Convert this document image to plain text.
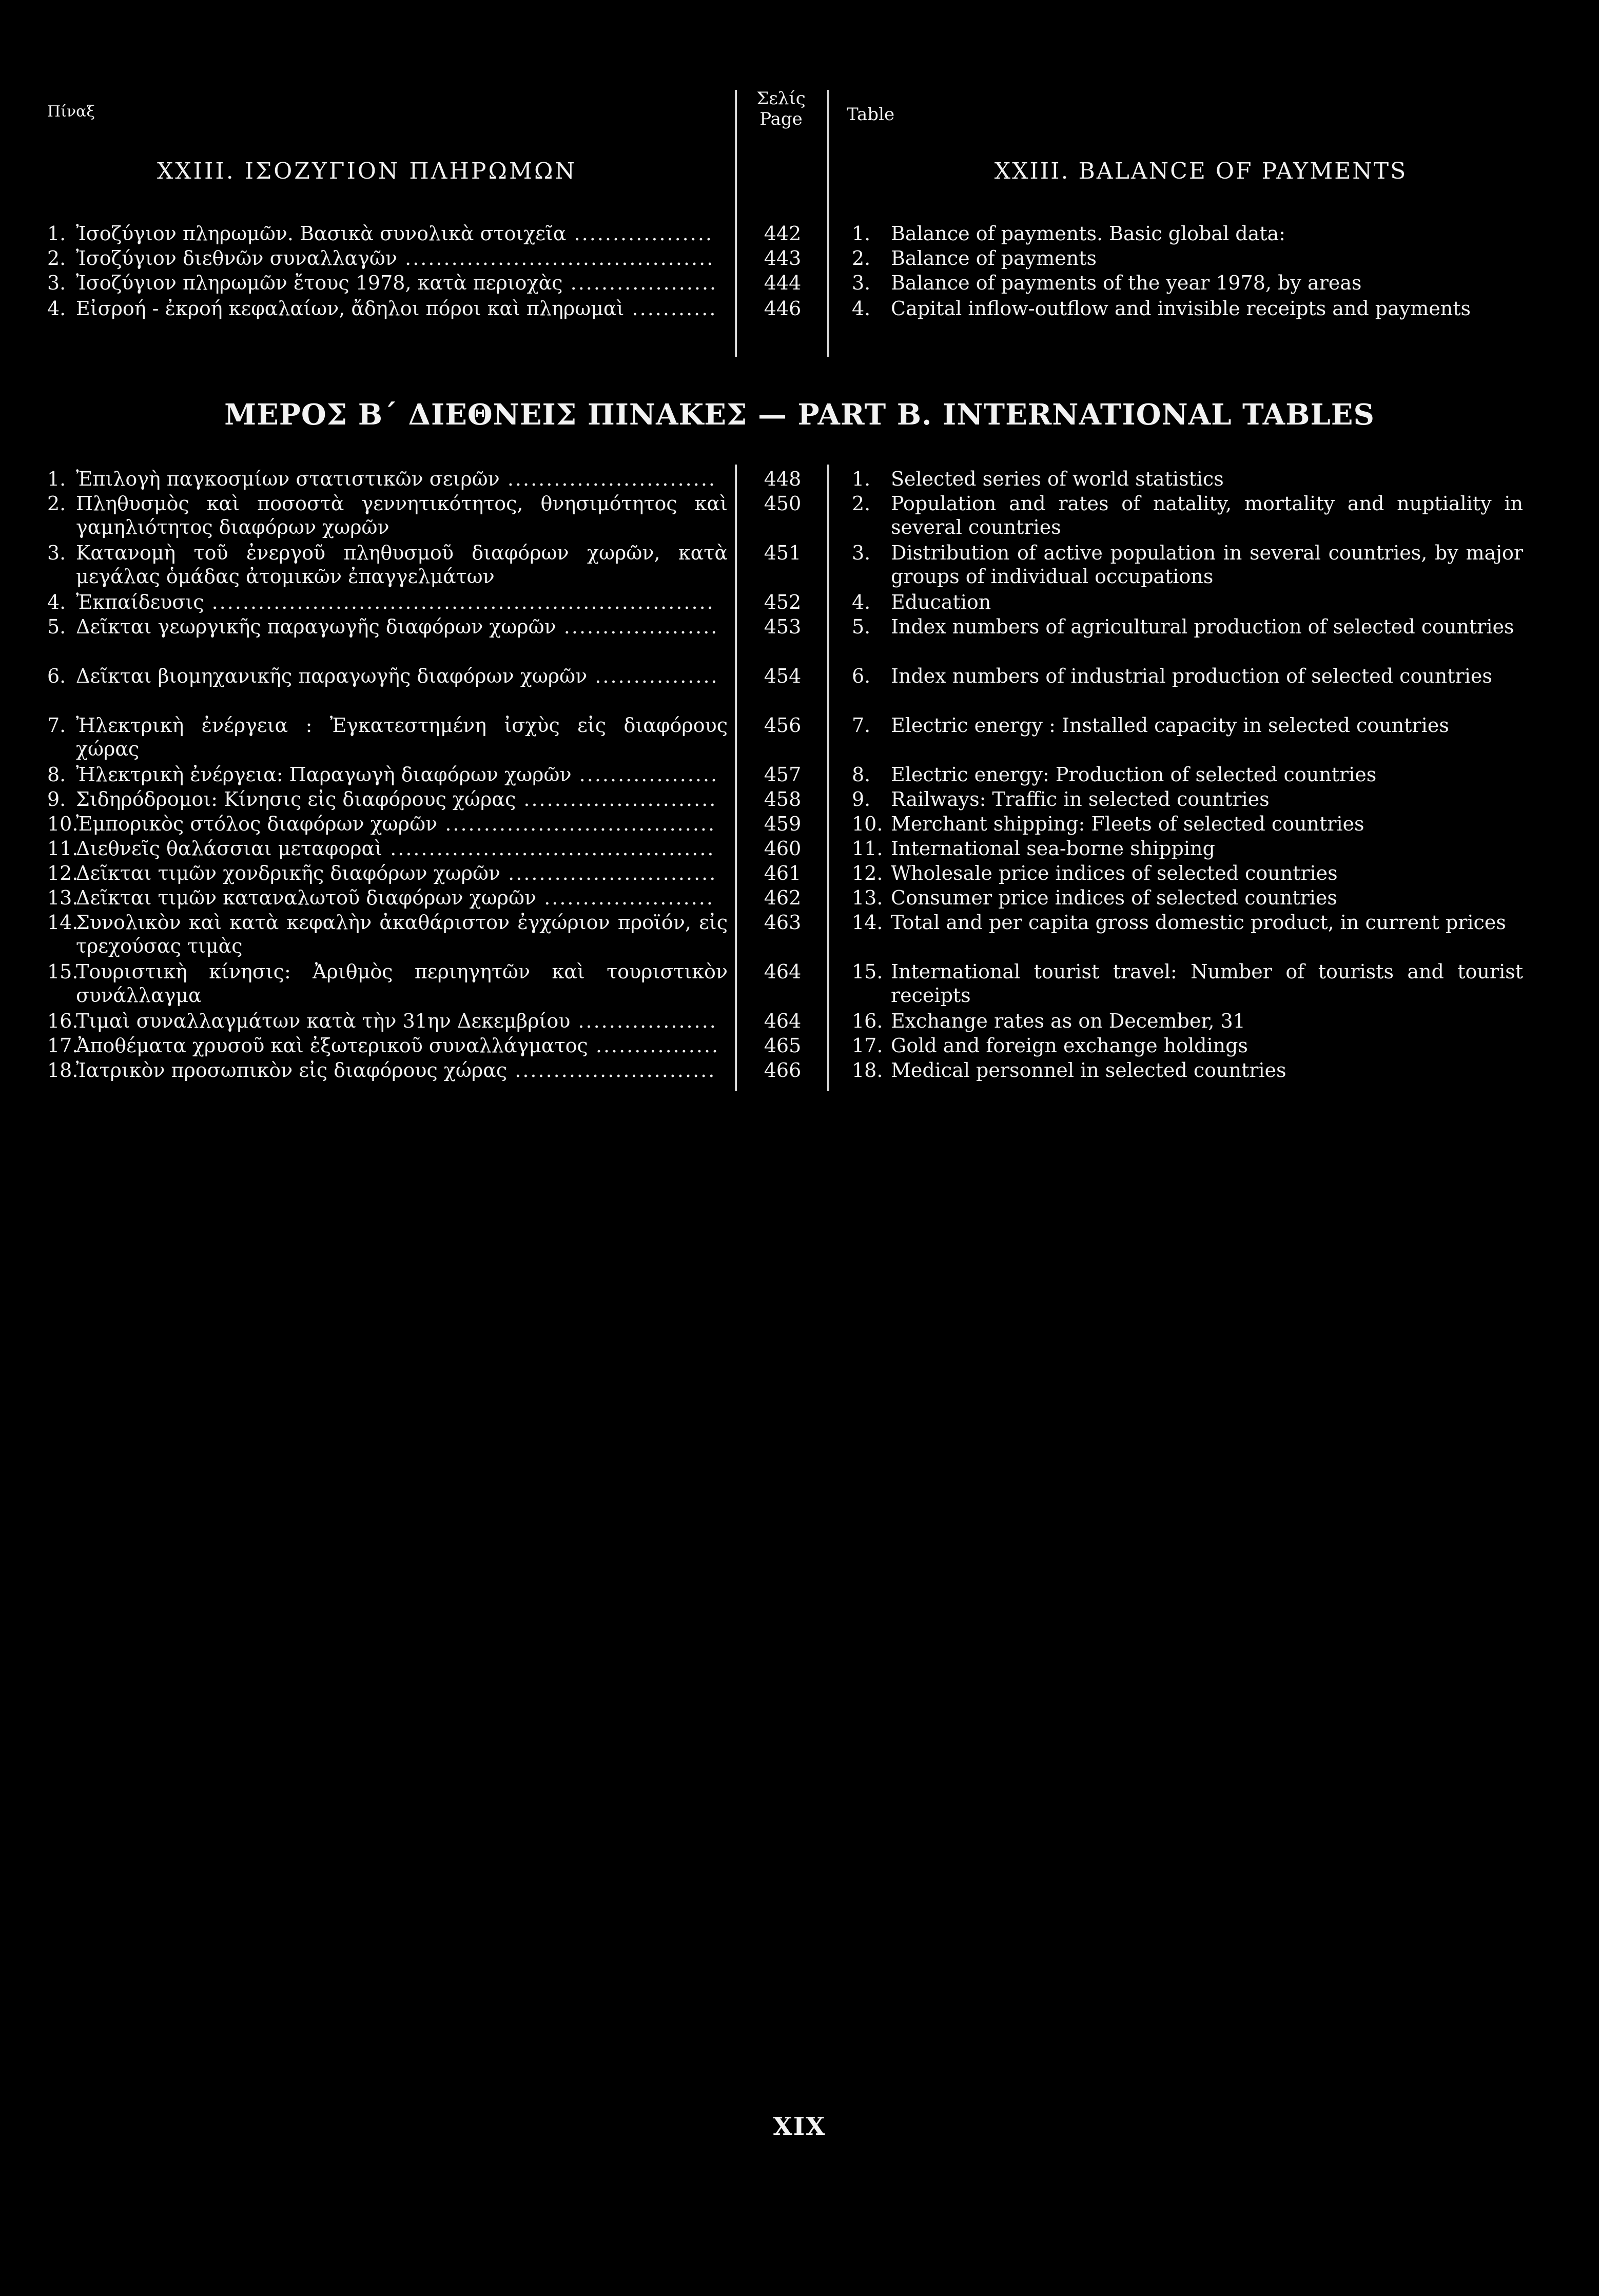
Πίναξ
Σελίς
Page	Table
XXIII. ΙΣΟΖΥΓΙΟΝ ΠΛΗΡΩΜΩΝ	XXIII. BALANCE OF PAYMENTS
1. Ἰσοζύγιον πληρωμῶν. Βασικὰ συνολικὰ στοιχεῖα ..................	442	1.	Balance of payments. Basic global data:
2. Ἰσοζύγιον διεθνῶν συναλλαγῶν ........................................	443	2.	Balance of payments
3. Ἰσοζύγιον πληρωμῶν ἔτους 1978, κατὰ περιοχὰς ...................	444	3.	Balance of payments of the year 1978, by areas
4. Εἰσροή - ἐκροή κεφαλαίων, ἄδηλοι πόροι καὶ πληρωμαὶ ...........	446	4.	Capital inflow-outflow and invisible receipts and payments
ΜΕΡΟΣ Β΄ ΔΙΕΘΝΕΙΣ ΠΙΝΑΚΕΣ — PART B. INTERNATIONAL TABLES
1. Ἐπιλογὴ παγκοσμίων στατιστικῶν σειρῶν ...........................	448	1.	Selected series of world statistics
2. Πληθυσμὸς καὶ ποσοστὰ γεννητικότητος, θνησιμότητος καὶ γαμηλιότητος διαφόρων χωρῶν
450	2.	Population and rates of natality, mortality and nuptiality in several countries
3. Κατανομὴ τοῦ ἐνεργοῦ πληθυσμοῦ διαφόρων χωρῶν, κατὰ μεγάλας ὁμάδας ἀτομικῶν ἐπαγγελμάτων
451	3.	Distribution of active population in several countries, by major groups of individual occupations
4. Ἐκπαίδευσις .................................................................	452	4.	Education
5. Δεῖκται γεωργικῆς παραγωγῆς διαφόρων χωρῶν ....................	453	5.	Index numbers of agricultural production of selected countries
6. Δεῖκται βιομηχανικῆς παραγωγῆς διαφόρων χωρῶν ................	454	6.	Index numbers of industrial production of selected countries
7. Ἠλεκτρικὴ ἐνέργεια : Ἐγκατεστημένη ἰσχὺς εἰς διαφόρους χώρας
456	7.	Electric energy : Installed capacity in selected countries
8. Ἠλεκτρικὴ ἐνέργεια: Παραγωγὴ διαφόρων χωρῶν ..................	457	8.	Electric energy: Production of selected countries
9. Σιδηρόδρομοι: Κίνησις εἰς διαφόρους χώρας .........................	458	9.	Railways: Traffic in selected countries
10.
Ἐμπορικὸς στόλος διαφόρων χωρῶν ...................................	459	10. Merchant shipping: Fleets of selected countries
11.
Διεθνεῖς θαλάσσιαι μεταφοραὶ ..........................................	460	11. International sea-borne shipping
12.
Δεῖκται τιμῶν χονδρικῆς διαφόρων χωρῶν ...........................	461	12. Wholesale price indices of selected countries
13.
Δεῖκται τιμῶν καταναλωτοῦ διαφόρων χωρῶν ......................	462	13. Consumer price indices of selected countries
14.
Συνολικὸν καὶ κατὰ κεφαλὴν ἀκαθάριστον ἐγχώριον προϊόν, εἰς τρεχούσας τιμὰς
463	14. Total and per capita gross domestic product, in current prices
15.
Τουριστικὴ κίνησις: Ἀριθμὸς περιηγητῶν καὶ τουριστικὸν συνάλλαγμα
464	15. International tourist travel: Number of tourists and tourist receipts
16.
Τιμαὶ συναλλαγμάτων κατὰ τὴν 31ην Δεκεμβρίου ..................	464	16. Exchange rates as on December, 31
17.
Ἀποθέματα χρυσοῦ καὶ ἐξωτερικοῦ συναλλάγματος ................	465	17. Gold and foreign exchange holdings
18.
Ἰατρικὸν προσωπικὸν εἰς διαφόρους χώρας ..........................	466	18. Medical personnel in selected countries
XIX
